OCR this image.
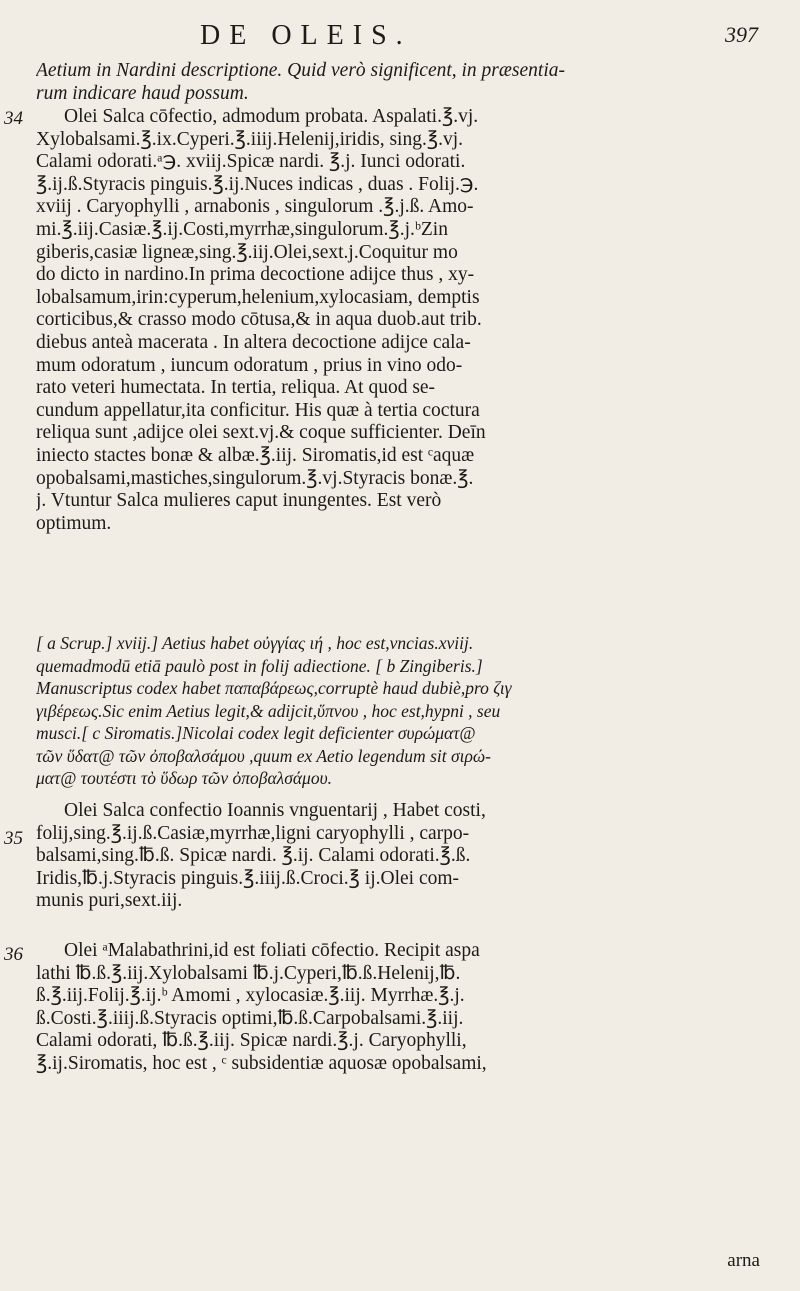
DE OLEIS.	397
Aetium in Nardini descriptione. Quid verò significent, in præsentia-
rum indicare haud possum.
34	Olei Salca cōfectio, admodum probata. Aspalati.℥.vj.
Xylobalsami.℥.ix.Cyperi.℥.iiij.Helenij,iridis, sing.℥.vj.
Calami odorati.ᵃ℈. xviij.Spicæ nardi. ℥.j. Iunci odorati.
℥.ij.ß.Styracis pinguis.℥.ij.Nuces indicas , duas . Folij.℈.
xviij . Caryophylli , arnabonis , singulorum .℥.j.ß. Amo-
mi.℥.iij.Casiæ.℥.ij.Costi,myrrhæ,singulorum.℥.j.ᵇZin
giberis,casiæ ligneæ,sing.℥.iij.Olei,sext.j.Coquitur mo
do dicto in nardino.In prima decoctione adijce thus , xy-
lobalsamum,irin:cyperum,helenium,xylocasiam, demptis
corticibus,& crasso modo cōtusa,& in aqua duob.aut trib.
diebus anteà macerata . In altera decoctione adijce cala-
mum odoratum , iuncum odoratum , prius in vino odo-
rato veteri humectata. In tertia, reliqua. At quod se-
cundum appellatur,ita conficitur. His quæ à tertia coctura
reliqua sunt ,adijce olei sext.vj.& coque sufficienter. Deīn
iniecto stactes bonæ & albæ.℥.iij. Siromatis,id est ᶜaquæ
opobalsami,mastiches,singulorum.℥.vj.Styracis bonæ.℥.
j. Vtuntur Salca mulieres caput inungentes. Est verò
optimum.
[ a Scrup.] xviij.] Aetius habet οὐγγίας ιή , hoc est,vncias.xviij.
quemadmodū etiā paulò post in folij adiectione. [ b Zingiberis.]
Manuscriptus codex habet παπαβάρεως,corruptè haud dubiè,pro ζιγ
γιβέρεως.Sic enim Aetius legit,& adijcit,ὕπνου , hoc est,hypni , seu
musci.[ c Siromatis.]Nicolai codex legit deficienter συρώματ@
τῶν ὕδατ@ τῶν ὀποβαλσάμου ,quum ex Aetio legendum sit σιρώ-
ματ@ τουτέστι τὸ ὕδωρ τῶν ὀποβαλσάμου.
35
Olei Salca confectio Ioannis vnguentarij , Habet costi,
folij,sing.℥.ij.ß.Casiæ,myrrhæ,ligni caryophylli , carpo-
balsami,sing.℔.ß. Spicæ nardi. ℥.ij. Calami odorati.℥.ß.
Iridis,℔.j.Styracis pinguis.℥.iiij.ß.Croci.℥ ij.Olei com-
munis puri,sext.iij.
36	Olei ᵃMalabathrini,id est foliati cōfectio. Recipit aspa
lathi ℔.ß.℥.iij.Xylobalsami ℔.j.Cyperi,℔.ß.Helenij,℔.
ß.℥.iij.Folij.℥.ij.ᵇ Amomi , xylocasiæ.℥.iij. Myrrhæ.℥.j.
ß.Costi.℥.iiij.ß.Styracis optimi,℔.ß.Carpobalsami.℥.iij.
Calami odorati, ℔.ß.℥.iij. Spicæ nardi.℥.j. Caryophylli,
℥.ij.Siromatis, hoc est , ᶜ subsidentiæ aquosæ opobalsami,
arna
